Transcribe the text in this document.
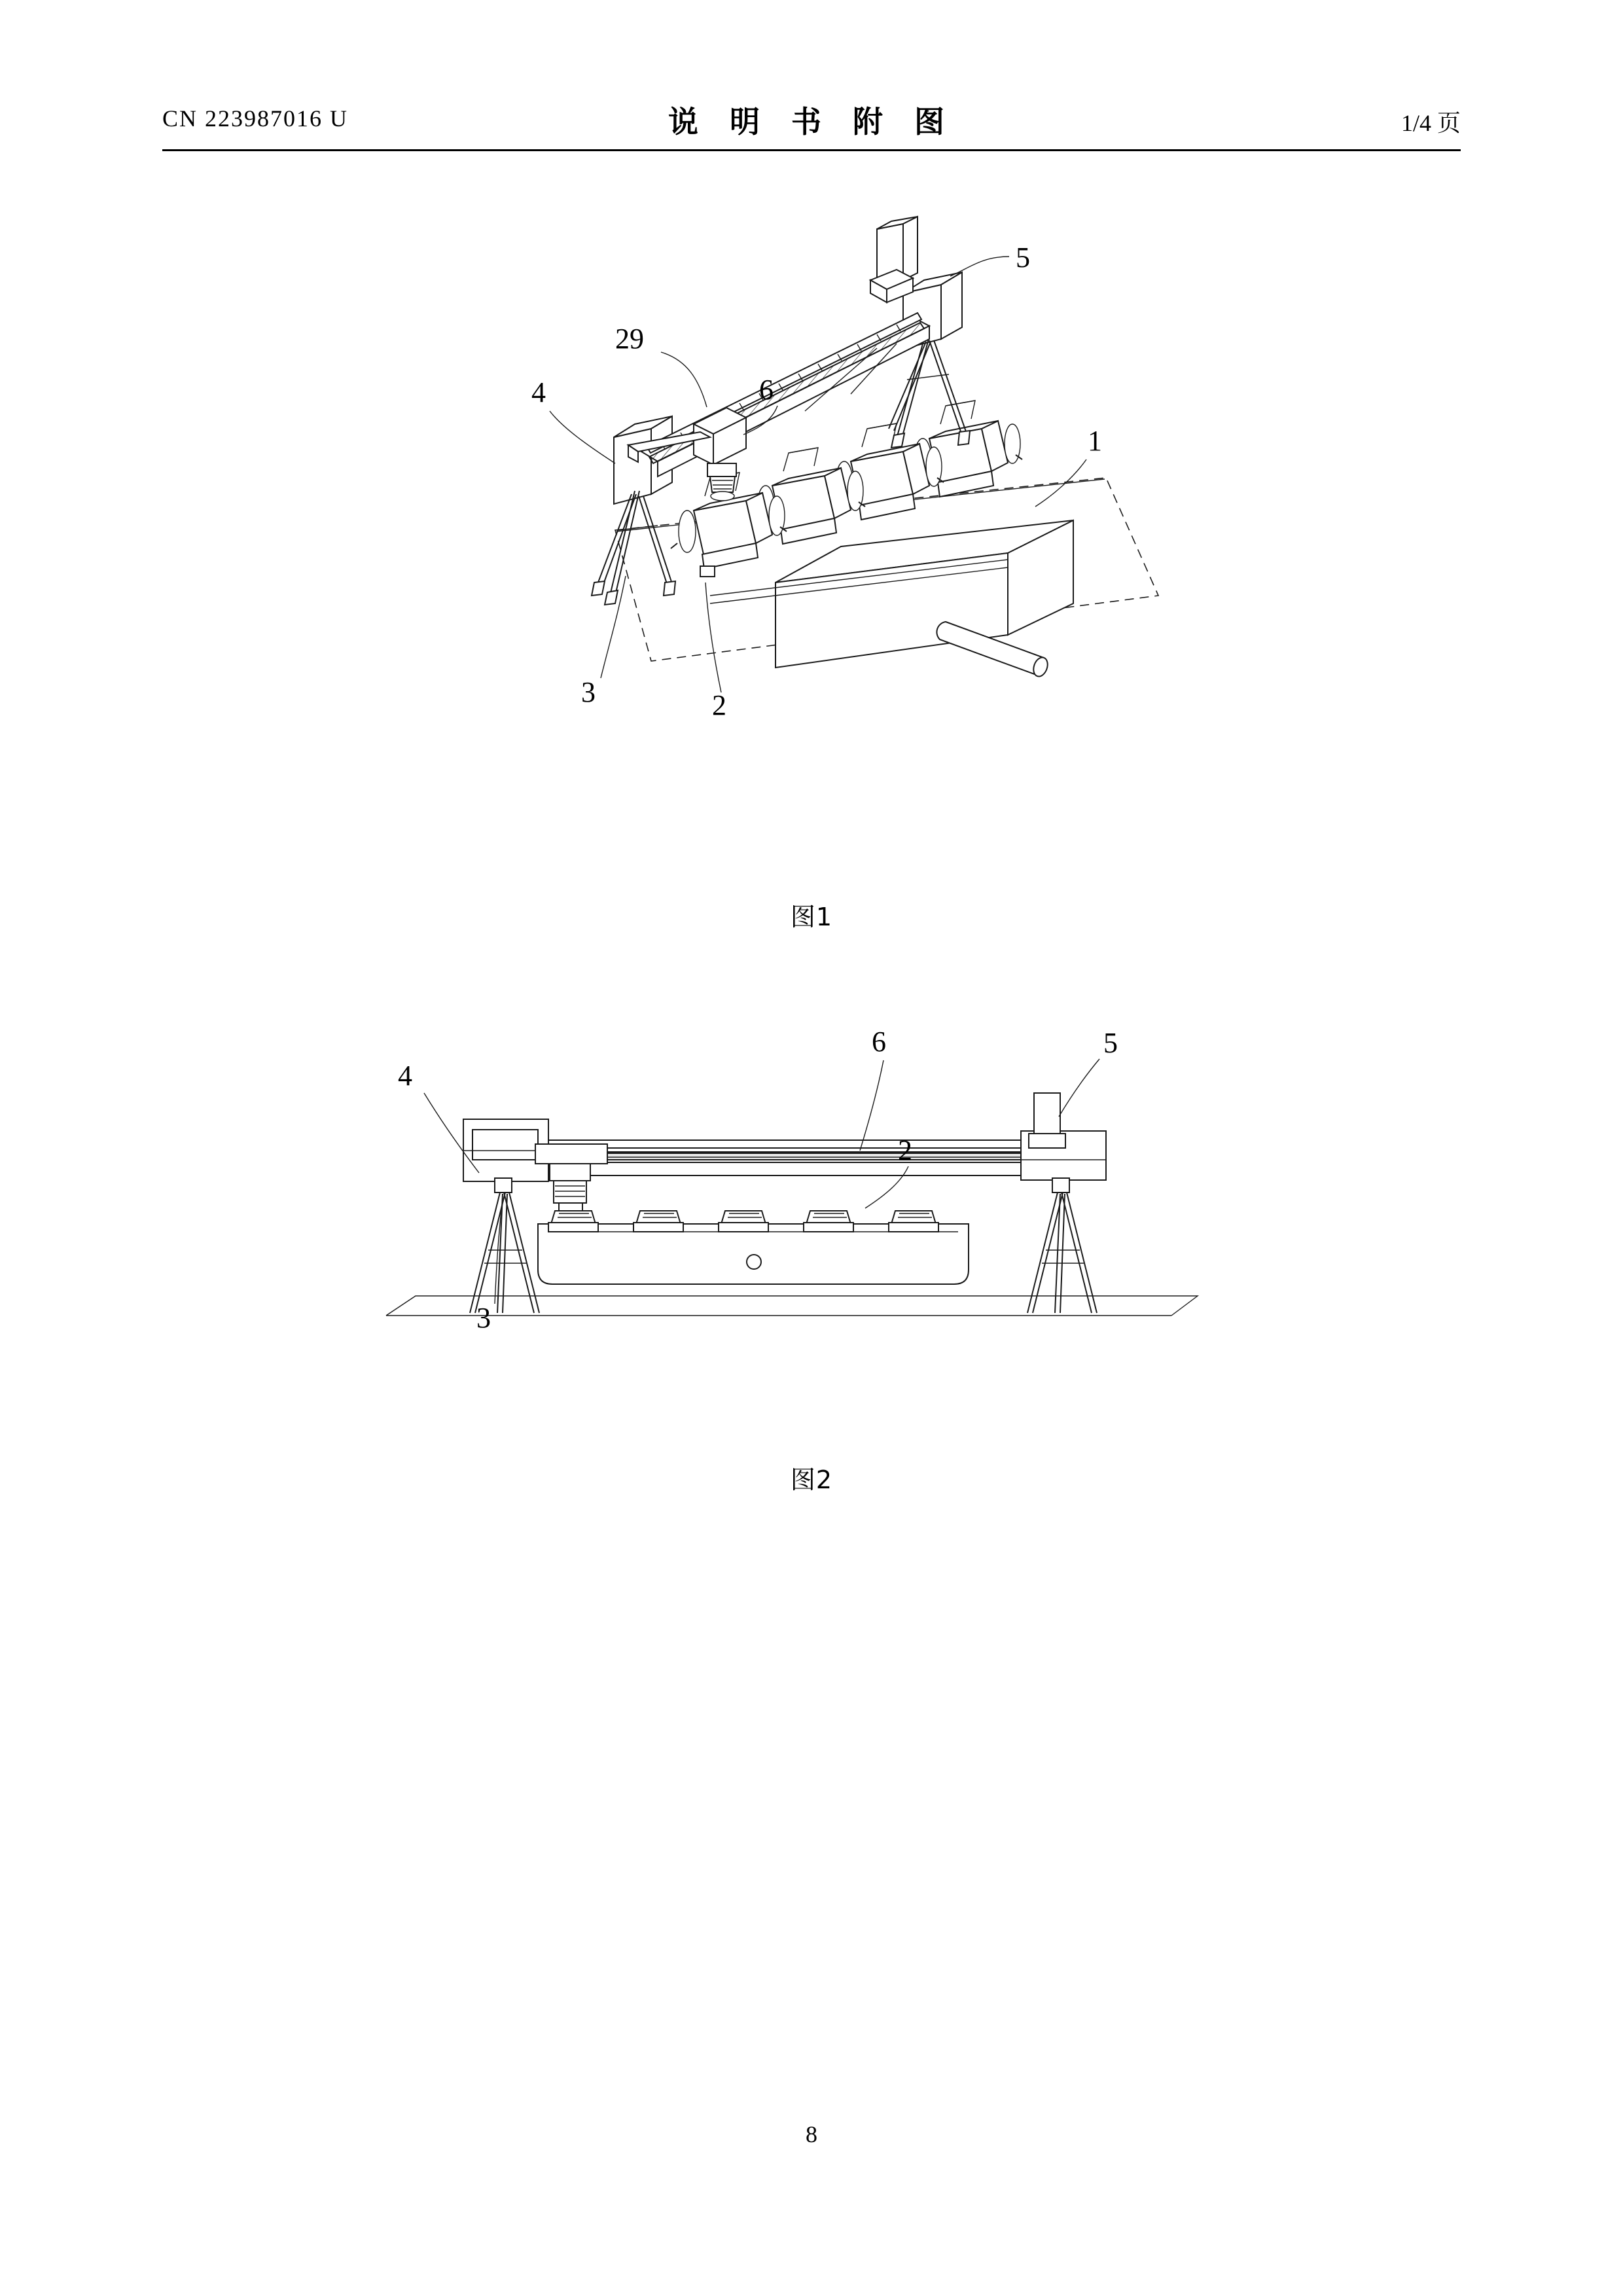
CN 223987016 U	说 明 书 附 图	1/4 页
5
29
6
4
1
3	2
图1
5
6
4
2
3
图2
8
